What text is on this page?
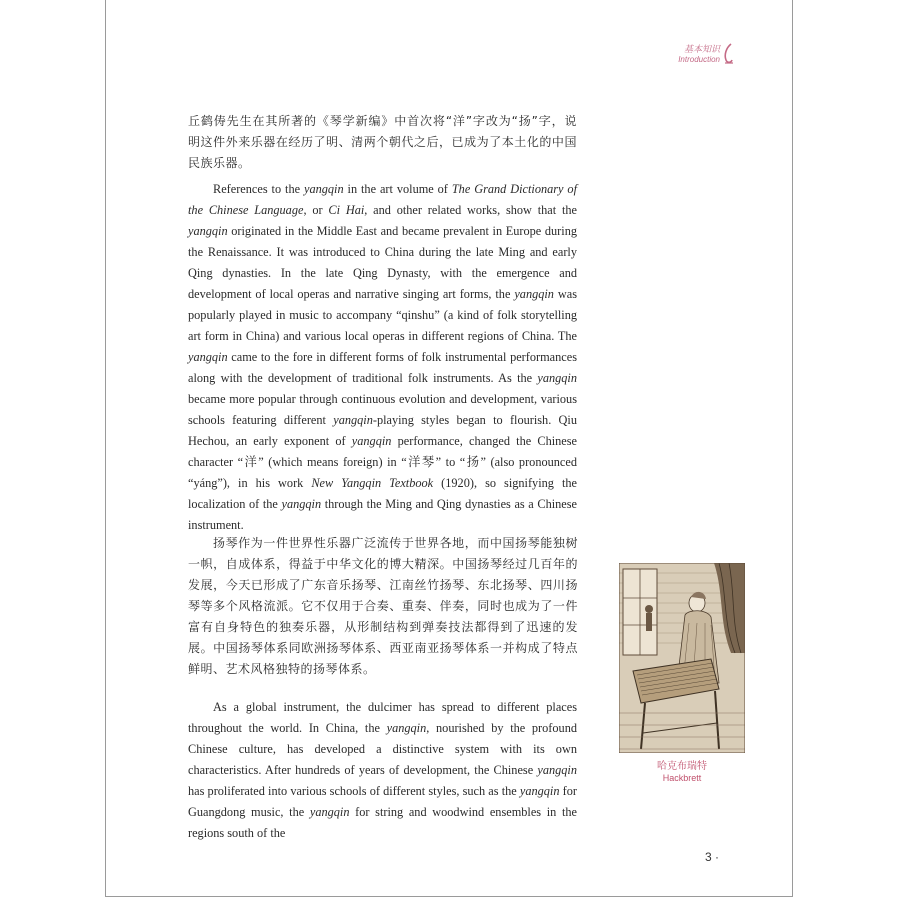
基本知识
Introduction

丘鹤俦先生在其所著的《琴学新编》中首次将“洋”字改为“扬”字，说明这件外来乐器在经历了明、清两个朝代之后，已成为了本土化的中国民族乐器。

References to the yangqin in the art volume of The Grand Dictionary of the Chinese Language, or Ci Hai, and other related works, show that the yangqin originated in the Middle East and became prevalent in Europe during the Renaissance. It was introduced to China during the late Ming and early Qing dynasties. In the late Qing Dynasty, with the emergence and development of local operas and narrative singing art forms, the yangqin was popularly played in music to accompany “qinshu” (a kind of folk storytelling art form in China) and various local operas in different regions of China. The yangqin came to the fore in different forms of folk instrumental performances along with the development of traditional folk instruments. As the yangqin became more popular through continuous evolution and development, various schools featuring different yangqin-playing styles began to flourish. Qiu Hechou, an early exponent of yangqin performance, changed the Chinese character “洋” (which means foreign) in “洋琴” to “扬” (also pronounced “yáng”), in his work New Yangqin Textbook (1920), so signifying the localization of the yangqin through the Ming and Qing dynasties as a Chinese instrument.

扬琴作为一件世界性乐器广泛流传于世界各地，而中国扬琴能独树一帜，自成体系，得益于中华文化的博大精深。中国扬琴经过几百年的发展，今天已形成了广东音乐扬琴、江南丝竹扬琴、东北扬琴、四川扬琴等多个风格流派。它不仅用于合奏、重奏、伴奏，同时也成为了一件富有自身特色的独奏乐器，从形制结构到弹奏技法都得到了迅速的发展。中国扬琴体系同欧洲扬琴体系、西亚南亚扬琴体系一并构成了特点鲜明、艺术风格独特的扬琴体系。

As a global instrument, the dulcimer has spread to different places throughout the world. In China, the yangqin, nourished by the profound Chinese culture, has developed a distinctive system with its own characteristics. After hundreds of years of development, the Chinese yangqin has proliferated into various schools of different styles, such as the yangqin for Guangdong music, the yangqin for string and woodwind ensembles in the regions south of the

哈克布瑞特
Hackbrett
3 ·
